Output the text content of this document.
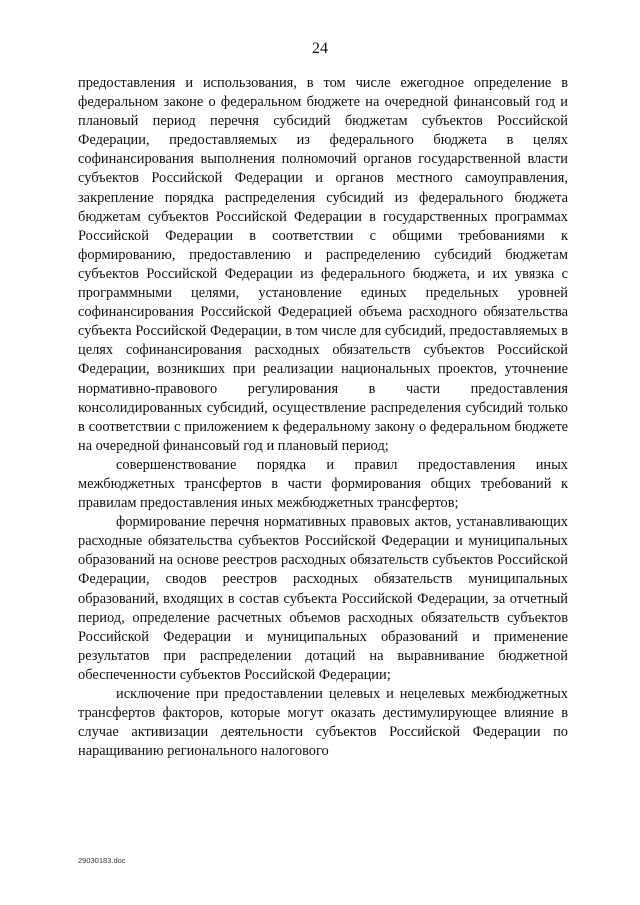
24

предоставления и использования, в том числе ежегодное определение в федеральном законе о федеральном бюджете на очередной финансовый год и плановый период перечня субсидий бюджетам субъектов Российской Федерации, предоставляемых из федерального бюджета в целях софинансирования выполнения полномочий органов государственной власти субъектов Российской Федерации и органов местного самоуправления, закрепление порядка распределения субсидий из федерального бюджета бюджетам субъектов Российской Федерации в государственных программах Российской Федерации в соответствии с общими требованиями к формированию, предоставлению и распределению субсидий бюджетам субъектов Российской Федерации из федерального бюджета, и их увязка с программными целями, установление единых предельных уровней софинансирования Российской Федерацией объема расходного обязательства субъекта Российской Федерации, в том числе для субсидий, предоставляемых в целях софинансирования расходных обязательств субъектов Российской Федерации, возникших при реализации национальных проектов, уточнение нормативно-правового регулирования в части предоставления консолидированных субсидий, осуществление распределения субсидий только в соответствии с приложением к федеральному закону о федеральном бюджете на очередной финансовый год и плановый период;

совершенствование порядка и правил предоставления иных межбюджетных трансфертов в части формирования общих требований к правилам предоставления иных межбюджетных трансфертов;

формирование перечня нормативных правовых актов, устанавливающих расходные обязательства субъектов Российской Федерации и муниципальных образований на основе реестров расходных обязательств субъектов Российской Федерации, сводов реестров расходных обязательств муниципальных образований, входящих в состав субъекта Российской Федерации, за отчетный период, определение расчетных объемов расходных обязательств субъектов Российской Федерации и муниципальных образований и применение результатов при распределении дотаций на выравнивание бюджетной обеспеченности субъектов Российской Федерации;

исключение при предоставлении целевых и нецелевых межбюджетных трансфертов факторов, которые могут оказать дестимулирующее влияние в случае активизации деятельности субъектов Российской Федерации по наращиванию регионального налогового

29030183.doc
